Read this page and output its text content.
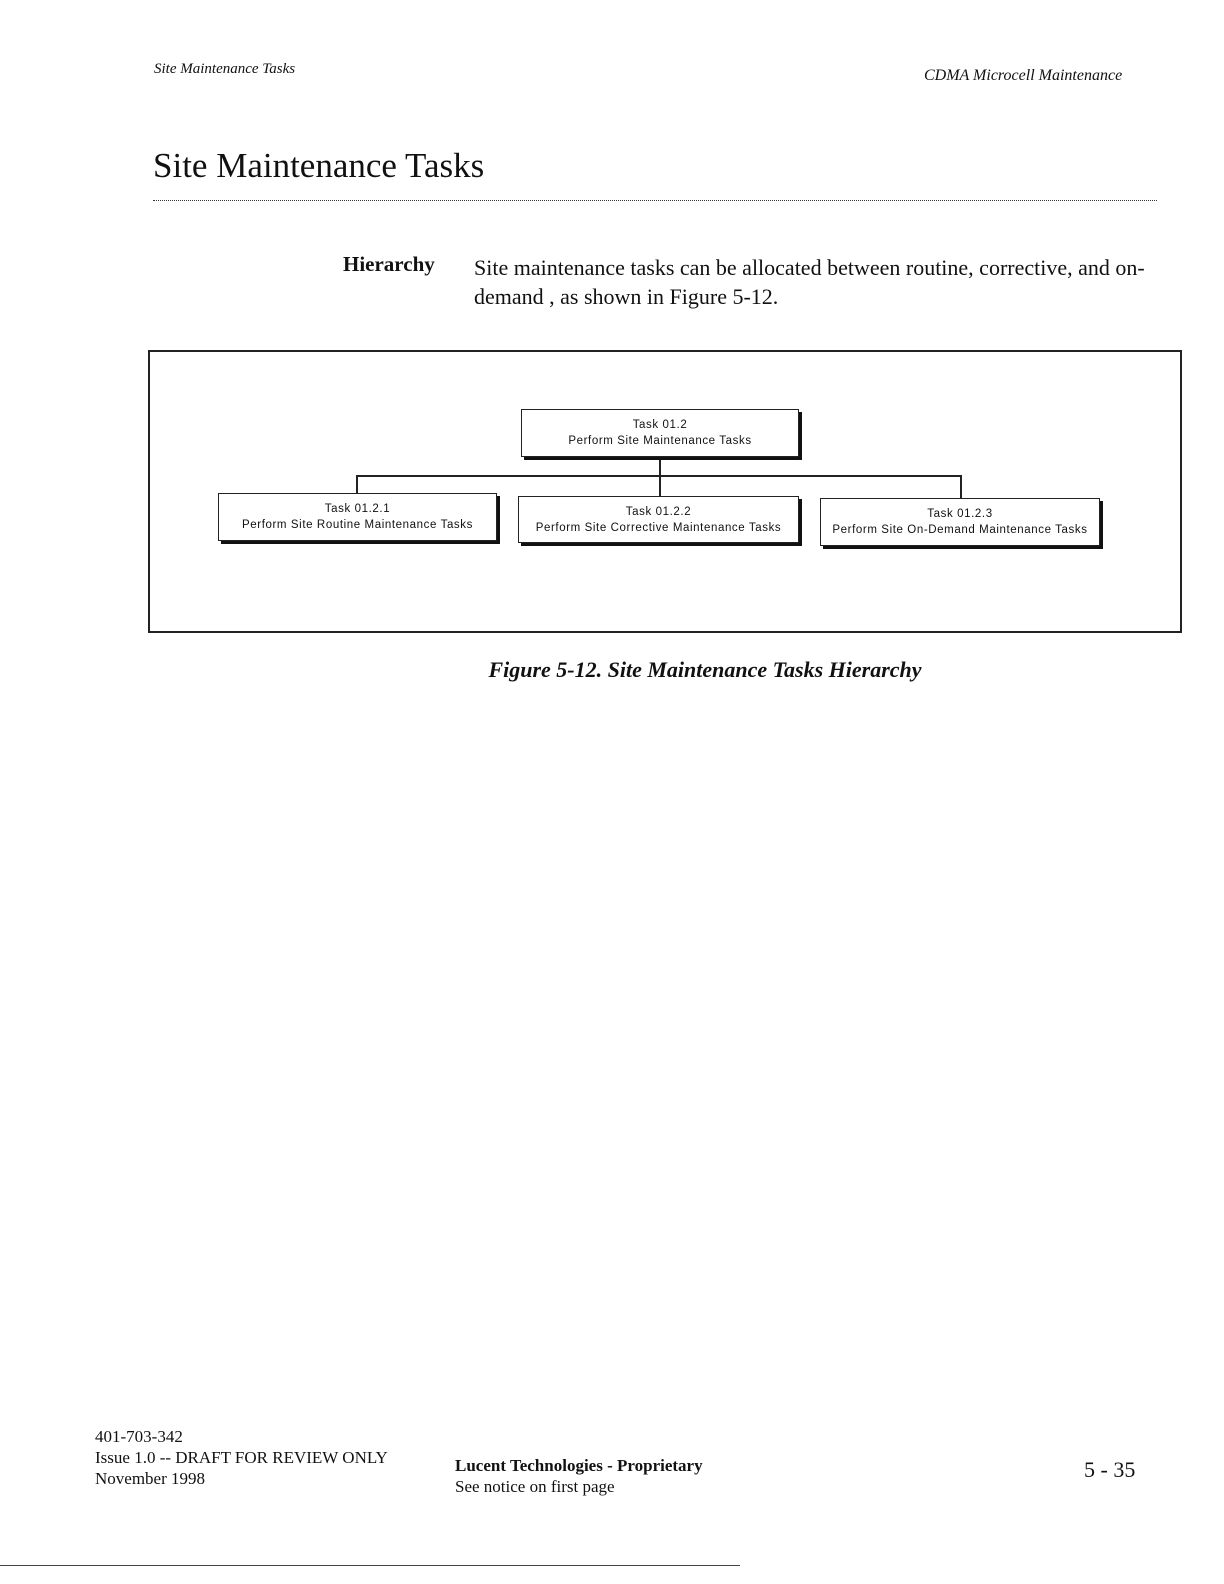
Site Maintenance Tasks	CDMA Microcell Maintenance
Site Maintenance Tasks
Hierarchy Site maintenance tasks can be allocated between routine, corrective, and on-demand , as shown in Figure 5-12.

Task 01.2
Perform Site Maintenance Tasks
Task 01.2.1
Perform Site Routine Maintenance Tasks
Task 01.2.2
Perform Site Corrective Maintenance Tasks
Task 01.2.3
Perform Site On-Demand Maintenance Tasks
Figure 5-12. Site Maintenance Tasks Hierarchy
401-703-342
Issue 1.0 -- DRAFT FOR REVIEW ONLY
November 1998
Lucent Technologies - Proprietary
See notice on first page
5 - 35
